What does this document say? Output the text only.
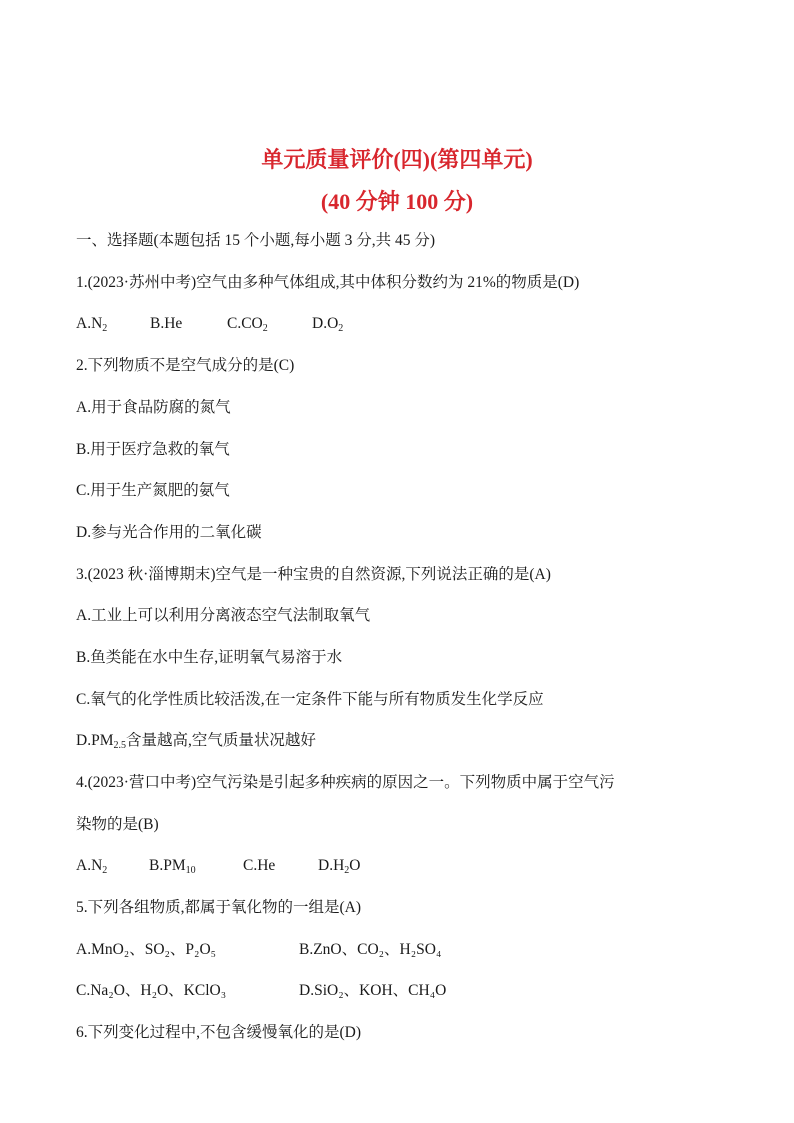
单元质量评价(四)(第四单元)
(40 分钟 100 分)
一、选择题(本题包括 15 个小题,每小题 3 分,共 45 分)
1.(2023·苏州中考)空气由多种气体组成,其中体积分数约为 21%的物质是(D)
$A.N_2$	B.He	$C.CO_2$	$D.O_2$
2.下列物质不是空气成分的是(C)
A.用于食品防腐的氮气
B.用于医疗急救的氧气
C.用于生产氮肥的氨气
D.参与光合作用的二氧化碳
3.(2023 秋·淄博期末)空气是一种宝贵的自然资源,下列说法正确的是(A)
A.工业上可以利用分离液态空气法制取氧气
B.鱼类能在水中生存,证明氧气易溶于水
C.氧气的化学性质比较活泼,在一定条件下能与所有物质发生化学反应
$D.PM_{2.5}$含量越高,空气质量状况越好
4.(2023·营口中考)空气污染是引起多种疾病的原因之一。下列物质中属于空气污
染物的是(B)
$A.N_2$	$B.PM_{10}$	C.He	$D.H_2O$
5.下列各组物质,都属于氧化物的一组是(A)
A.MnO₂、SO₂、P₂O₅	B.ZnO、CO₂、H₂SO₄
C.Na₂O、H₂O、KClO₃	D.SiO₂、KOH、CH₄O
6.下列变化过程中,不包含缓慢氧化的是(D)
